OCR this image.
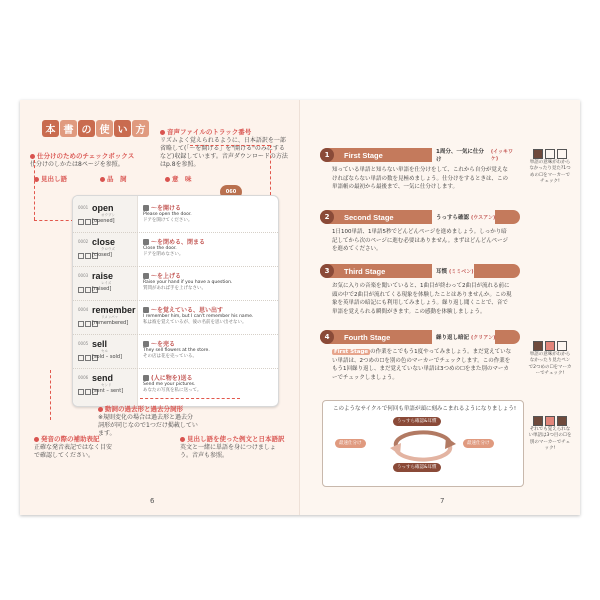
本 書 の 使 い 方	音声ファイルのトラック番号
リズムよく覚えられるように、日本語訳を一部省略して(「〜を開ける」を"開ける"のみにするなど)収録しています。音声ダウンロードの方法はp.8を参照。
仕分けのためのチェックボックス
仕分けのしかたは8ページを参照。
見出し語	品　詞	意　味
060
0001 open
オウプン
[opened]
〜を開ける
Please open the door.
ドアを開けてください。
0002 close
クロウズ
[closed]
〜を閉める、閉まる
Close the door.
ドアを閉めなさい。
0003 raise
レイズ
[raised]
〜を上げる
Raise your hand if you have a question.
質問があれば手を上げなさい。
0004 remember
リメンバァ
[remembered]
〜を覚えている、思い出す
I remember him, but I can't remember his name.
私は彼を覚えているが、彼の名前を思い出せない。
0005 sell
セル
[sold – sold]
〜を売る
They sell flowers at the store.
その店は花を売っている。
0006 send
センド
[sent – sent]
(人に物を)送る
Send me your pictures.
あなたの写真を私に送って。
動詞の過去形と過去分詞形
※規則変化の場合は過去形と過去分詞形が同じなので1つだけ掲載しています。
発音の際の補助表記
正確な発音表記ではなく目安で確認してください。
見出し語を使った例文と日本語訳
英文と一緒に単語を身につけましょう。音声も参照。
6
1	First Stage	1周分、一気に仕分け
(イッキワケ)
知っている単語と知らない単語を仕分けをして、これから自分が覚えなければならない単語の数を見極めましょう。仕分けをするときは、この単語帳の最初から最後まで、一気に仕分けします。
2	Second Stage	うっすら確認 (ウスアン)
1日100単語、1単語5秒でどんどんページを進めましょう。しっかり暗記してから次のページに進む必要はありません。まずはどんどんページを進めてください。
3	Third Stage	耳慣 (ミミベン)
お気に入りの音楽を聞いていると、1曲目が終わって2曲目が流れる前に頭の中で2曲目が流れてくる現象を体験したことはありませんか。この現象を英単語の暗記にも利用してみましょう。繰り返し聞くことで、音で単語を覚えられる瞬間がきます。この感動を体験しましょう。
4	Fourth Stage	繰り返し暗記 (クリアン)
First Stage の作業をこでもう1度やってみましょう。まだ覚えていない単語は、2つめの☐を別の色のマーカーでチェックします。この作業をもう1回繰り返し、まだ覚えていない単語は3つめの☐をまた別のマーカーでチェックしましょう。
単語の意味がわからなかったり見た?1つめの☐をマーカーでチェック!
単語の意味がわからなかったり見たペンで2つめの☐をマーカーでチェック!
それでも覚えられない単語は3つ目の☐を別のマーカーでチェック!
このようなサイクルで何回も単語が頭に刻みこまれるようになりましょう!
うっすら確認&耳慣
最速仕分け	最速仕分け
うっすら確認&耳慣
7
